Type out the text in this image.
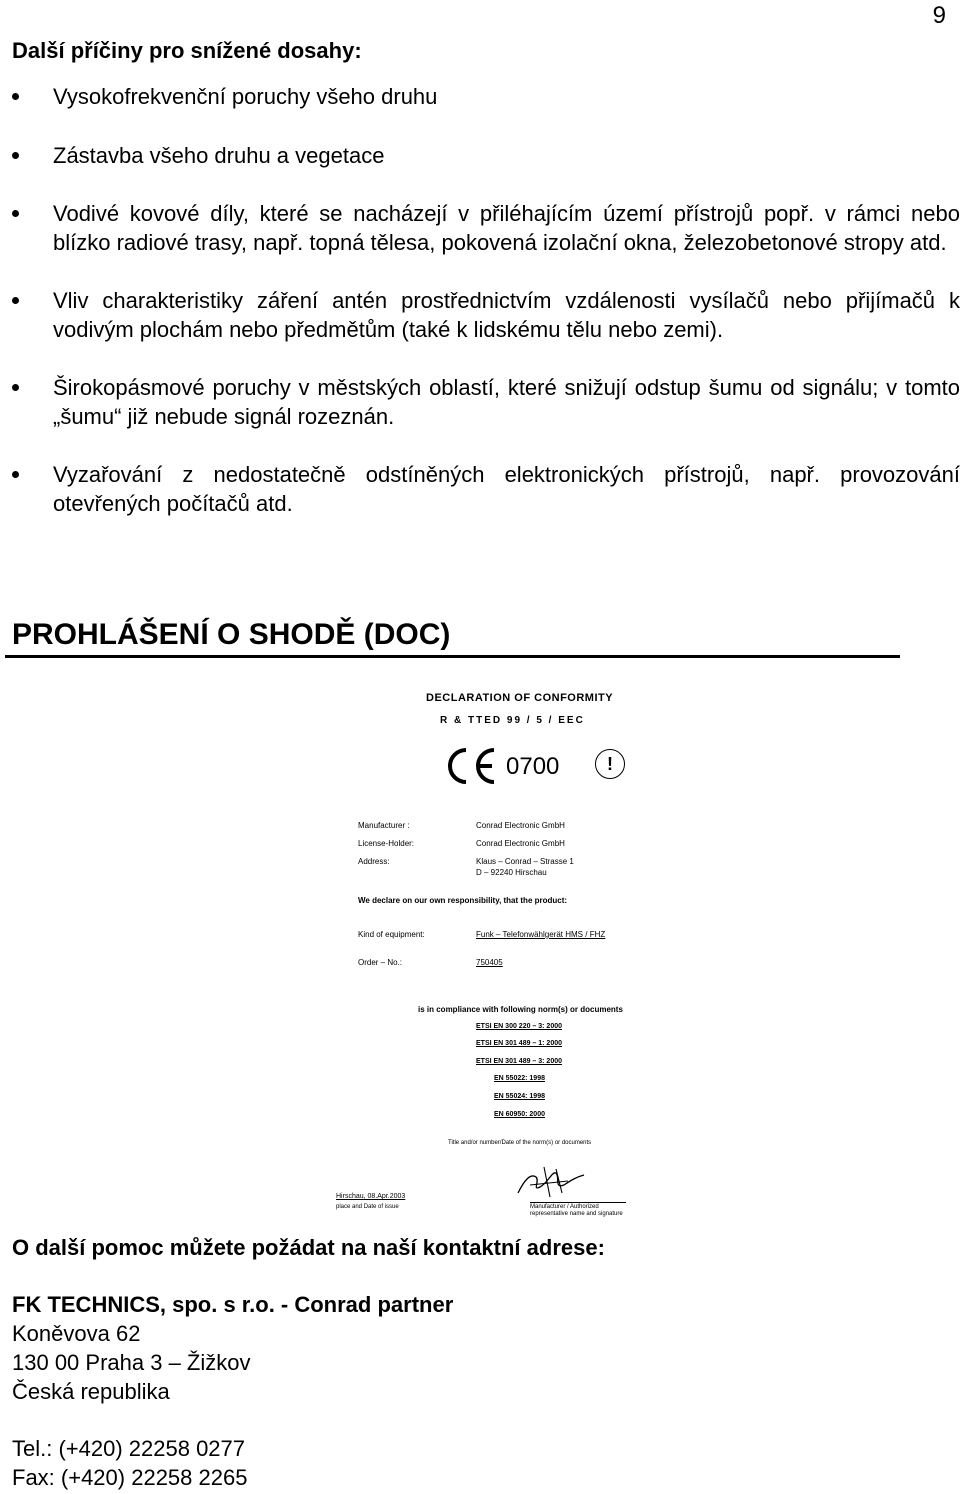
9
Další příčiny pro snížené dosahy:
Vysokofrekvenční poruchy všeho druhu
Zástavba všeho druhu a vegetace
Vodivé kovové díly, které se nacházejí v přiléhajícím území přístrojů popř. v rámci nebo blízko radiové trasy, např. topná tělesa, pokovená izolační okna, železobetonové stropy atd.
Vliv charakteristiky záření antén prostřednictvím vzdálenosti vysílačů nebo přijímačů k vodivým plochám nebo předmětům (také k lidskému tělu nebo zemi).
Širokopásmové poruchy v městských oblastí, které snižují odstup šumu od signálu; v tomto „šumu“ již nebude signál rozeznán.
Vyzařování z nedostatečně odstíněných elektronických přístrojů, např. provozování otevřených počítačů atd.
PROHLÁŠENÍ O SHODĚ (DOC)
DECLARATION OF CONFORMITY
R & TTED 99 / 5 / EEC
0700	!
Manufacturer :	Conrad Electronic GmbH
License-Holder:	Conrad Electronic GmbH
Address:	Klaus – Conrad – Strasse 1
D – 92240 Hirschau
We declare on our own responsibility, that the product:
Kind of equipment:	Funk – Telefonwählgerät HMS / FHZ
Order – No.:	750405
is in compliance with following norm(s) or documents
ETSI EN 300 220 – 3: 2000
ETSI EN 301 489 – 1: 2000
ETSI EN 301 489 – 3: 2000
EN 55022: 1998
EN 55024: 1998
EN 60950: 2000
Title and/or number/Date of the norm(s) or documents
Hirschau, 08.Apr.2003
place and Date of issue	Manufacturer / Authorized representative name and signature
O další pomoc můžete požádat na naší kontaktní adrese:
FK TECHNICS, spo. s r.o. - Conrad partner
Koněvova 62
130 00 Praha 3 – Žižkov
Česká republika
Tel.: (+420) 22258 0277
Fax: (+420) 22258 2265
